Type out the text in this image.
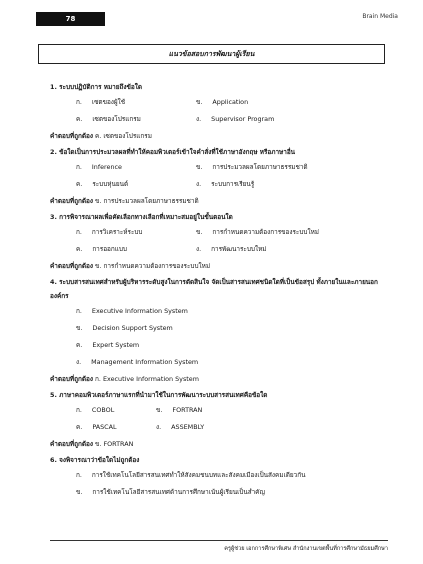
78	Brain Media
แนวข้อสอบการพัฒนาผู้เรียน

1. ระบบปฏิบัติการ หมายถึงข้อใด

ก. เซตของผู้ใช้	ข. Application
ค. เซตของโปรแกรม	ง. Supervisor Program

คำตอบที่ถูกต้อง ค. เซตของโปรแกรม

2. ข้อใดเป็นการประมวลผลที่ทำให้คอมพิวเตอร์เข้าใจคำสั่งที่ใช้ภาษาอังกฤษ หรือภาษาอื่น

ก. Inference	ข. การประมวลผลโดยภาษาธรรมชาติ
ค. ระบบหุ่นยนต์	ง. ระบบการเรียนรู้

คำตอบที่ถูกต้อง ข. การประมวลผลโดยภาษาธรรมชาติ

3. การพิจารณาผลเพื่อคัดเลือกทางเลือกที่เหมาะสมอยู่ในขั้นตอนใด

ก. การวิเคราะห์ระบบ	ข. การกำหนดความต้องการของระบบใหม่
ค. การออกแบบ	ง. การพัฒนาระบบใหม่

คำตอบที่ถูกต้อง ข. การกำหนดความต้องการของระบบใหม่

4. ระบบสารสนเทศสำหรับผู้บริหารระดับสูงในการตัดสินใจ จัดเป็นสารสนเทศชนิดใดที่เป็นข้อสรุป ทั้งภายในและภายนอกองค์กร

ก. Executive Information System
ข. Decision Support System
ค. Expert System
ง. Management Information System

คำตอบที่ถูกต้อง ก. Executive Information System

5. ภาษาคอมพิวเตอร์ภาษาแรกที่นำมาใช้ในการพัฒนาระบบสารสนเทศคือข้อใด

ก. COBOL	ข. FORTRAN
ค. PASCAL	ง. ASSEMBLY

คำตอบที่ถูกต้อง ข. FORTRAN

6. จงพิจารณาว่าข้อใดไม่ถูกต้อง

ก. การใช้เทคโนโลยีสารสนเทศทำให้สังคมชนบทและสังคมเมืองเป็นสังคมเดียวกัน
ข. การใช้เทคโนโลยีสารสนเทศด้านการศึกษาเน้นผู้เรียนเป็นสำคัญ
ครูผู้ช่วย เอกการศึกษาพิเศษ สำนักงานเขตพื้นที่การศึกษามัธยมศึกษา
